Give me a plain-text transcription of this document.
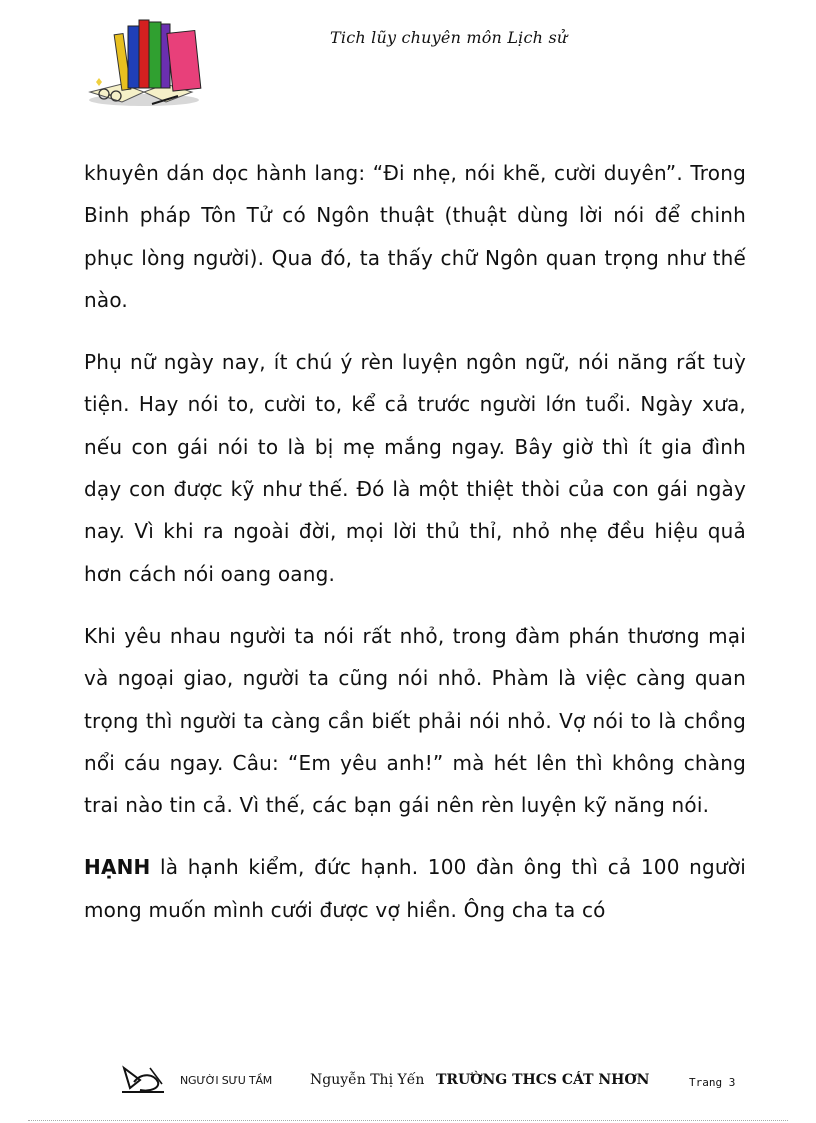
Tich lũy chuyên môn Lịch sử

khuyên dán dọc hành lang: “Đi nhẹ, nói khẽ, cười duyên”. Trong Binh pháp Tôn Tử có Ngôn thuật (thuật dùng lời nói để chinh phục lòng người). Qua đó, ta thấy chữ Ngôn quan trọng như thế nào.

Phụ nữ ngày nay, ít chú ý rèn luyện ngôn ngữ, nói năng rất tuỳ tiện. Hay nói to, cười to, kể cả trước người lớn tuổi. Ngày xưa, nếu con gái nói to là bị mẹ mắng ngay. Bây giờ thì ít gia đình dạy con được kỹ như thế. Đó là một thiệt thòi của con gái ngày nay. Vì khi ra ngoài đời, mọi lời thủ thỉ, nhỏ nhẹ đều hiệu quả hơn cách nói oang oang.

Khi yêu nhau người ta nói rất nhỏ, trong đàm phán thương mại và ngoại giao, người ta cũng nói nhỏ. Phàm là việc càng quan trọng thì người ta càng cần biết phải nói nhỏ. Vợ nói to là chồng nổi cáu ngay. Câu: “Em yêu anh!” mà hét lên thì không chàng trai nào tin cả. Vì thế, các bạn gái nên rèn luyện kỹ năng nói.

HẠNH là hạnh kiểm, đức hạnh. 100 đàn ông thì cả 100 người mong muốn mình cưới được vợ hiền. Ông cha ta có

NGƯỜI SƯU TẦM	Nguyễn Thị Yến TRƯỜNG THCS CÁT NHƠN	Trang 3
